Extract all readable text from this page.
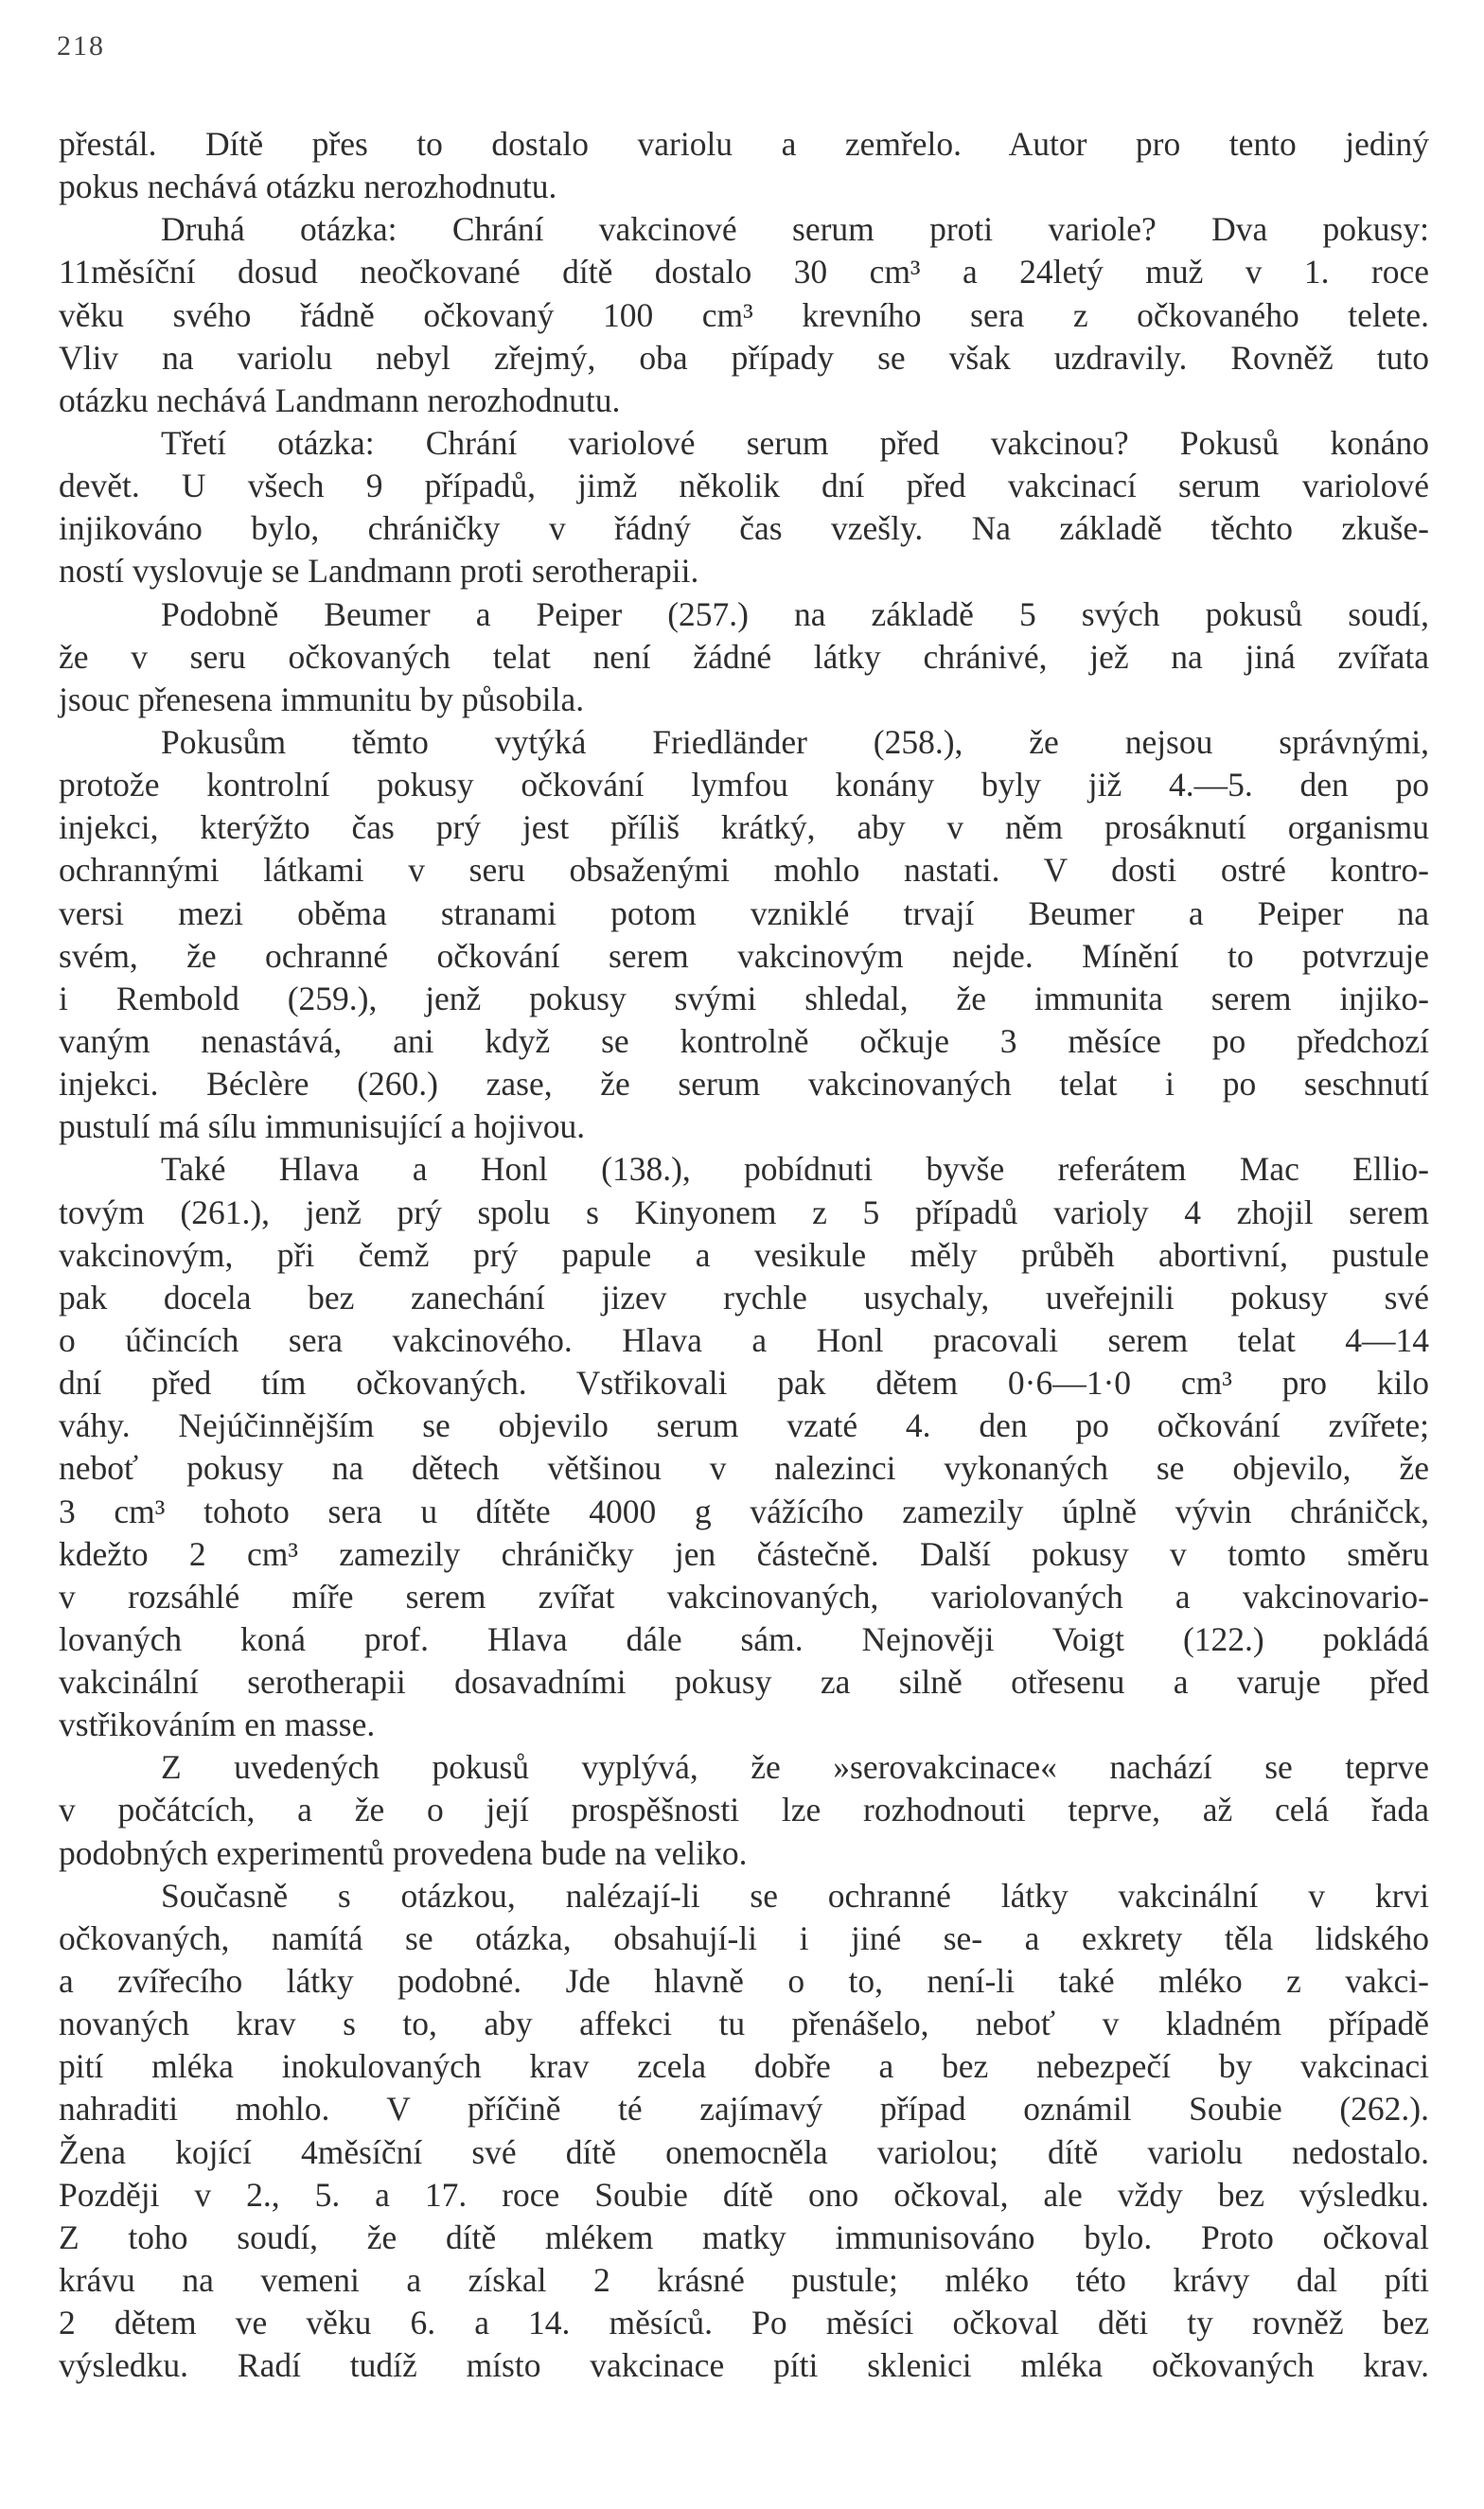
218
přestál. Dítě přes to dostalo variolu a zemřelo. Autor pro tento jediný
pokus nechává otázku nerozhodnutu.
Druhá otázka: Chrání vakcinové serum proti variole? Dva pokusy:
11měsíční dosud neočkované dítě dostalo 30 cm³ a 24letý muž v 1. roce
věku svého řádně očkovaný 100 cm³ krevního sera z očkovaného telete.
Vliv na variolu nebyl zřejmý, oba případy se však uzdravily. Rovněž tuto
otázku nechává Landmann nerozhodnutu.
Třetí otázka: Chrání variolové serum před vakcinou? Pokusů konáno
devět. U všech 9 případů, jimž několik dní před vakcinací serum variolové
injikováno bylo, chráničky v řádný čas vzešly. Na základě těchto zkuše-
ností vyslovuje se Landmann proti serotherapii.
Podobně Beumer a Peiper (257.) na základě 5 svých pokusů soudí,
že v seru očkovaných telat není žádné látky chránivé, jež na jiná zvířata
jsouc přenesena immunitu by působila.
Pokusům těmto vytýká Friedländer (258.), že nejsou správnými,
protože kontrolní pokusy očkování lymfou konány byly již 4.—5. den po
injekci, kterýžto čas prý jest příliš krátký, aby v něm prosáknutí organismu
ochrannými látkami v seru obsaženými mohlo nastati. V dosti ostré kontro-
versi mezi oběma stranami potom vzniklé trvají Beumer a Peiper na
svém, že ochranné očkování serem vakcinovým nejde. Mínění to potvrzuje
i Rembold (259.), jenž pokusy svými shledal, že immunita serem injiko-
vaným nenastává, ani když se kontrolně očkuje 3 měsíce po předchozí
injekci. Béclère (260.) zase, že serum vakcinovaných telat i po seschnutí
pustulí má sílu immunisující a hojivou.
Také Hlava a Honl (138.), pobídnuti byvše referátem Mac Ellio-
tovým (261.), jenž prý spolu s Kinyonem z 5 případů varioly 4 zhojil serem
vakcinovým, při čemž prý papule a vesikule měly průběh abortivní, pustule
pak docela bez zanechání jizev rychle usychaly, uveřejnili pokusy své
o účincích sera vakcinového. Hlava a Honl pracovali serem telat 4—14
dní před tím očkovaných. Vstřikovali pak dětem 0·6—1·0 cm³ pro kilo
váhy. Nejúčinnějším se objevilo serum vzaté 4. den po očkování zvířete;
neboť pokusy na dětech většinou v nalezinci vykonaných se objevilo, že
3 cm³ tohoto sera u dítěte 4000 g vážícího zamezily úplně vývin chráničck,
kdežto 2 cm³ zamezily chráničky jen částečně. Další pokusy v tomto směru
v rozsáhlé míře serem zvířat vakcinovaných, variolovaných a vakcinovario-
lovaných koná prof. Hlava dále sám. Nejnověji Voigt (122.) pokládá
vakcinální serotherapii dosavadními pokusy za silně otřesenu a varuje před
vstřikováním en masse.
Z uvedených pokusů vyplývá, že »serovakcinace« nachází se teprve
v počátcích, a že o její prospěšnosti lze rozhodnouti teprve, až celá řada
podobných experimentů provedena bude na veliko.
Současně s otázkou, nalézají-li se ochranné látky vakcinální v krvi
očkovaných, namítá se otázka, obsahují-li i jiné se- a exkrety těla lidského
a zvířecího látky podobné. Jde hlavně o to, není-li také mléko z vakci-
novaných krav s to, aby affekci tu přenášelo, neboť v kladném případě
pití mléka inokulovaných krav zcela dobře a bez nebezpečí by vakcinaci
nahraditi mohlo. V příčině té zajímavý případ oznámil Soubie (262.).
Žena kojící 4měsíční své dítě onemocněla variolou; dítě variolu nedostalo.
Později v 2., 5. a 17. roce Soubie dítě ono očkoval, ale vždy bez výsledku.
Z toho soudí, že dítě mlékem matky immunisováno bylo. Proto očkoval
krávu na vemeni a získal 2 krásné pustule; mléko této krávy dal píti
2 dětem ve věku 6. a 14. měsíců. Po měsíci očkoval děti ty rovněž bez
výsledku. Radí tudíž místo vakcinace píti sklenici mléka očkovaných krav.
